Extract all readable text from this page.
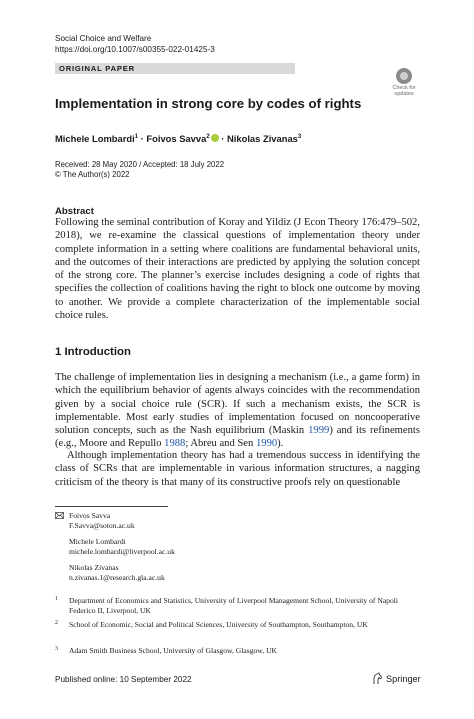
Social Choice and Welfare
https://doi.org/10.1007/s00355-022-01425-3
ORIGINAL PAPER
Check for
updates
Implementation in strong core by codes of rights
Michele Lombardi$^1$ · Foivos Savva$^2$ · Nikolas Zivanas$^3$
Received: 28 May 2020 / Accepted: 18 July 2022
© The Author(s) 2022
Abstract
Following the seminal contribution of Koray and Yildiz (J Econ Theory 176:479–502, 2018), we re-examine the classical questions of implementation theory under complete information in a setting where coalitions are fundamental behavioral units, and the outcomes of their interactions are predicted by applying the solution concept of the strong core. The planner’s exercise includes designing a code of rights that specifies the collection of coalitions having the right to block one outcome by moving to another. We provide a complete characterization of the implementable social choice rules.
1 Introduction
The challenge of implementation lies in designing a mechanism (i.e., a game form) in which the equilibrium behavior of agents always coincides with the recommendation given by a social choice rule (SCR). If such a mechanism exists, the SCR is implementable. Most early studies of implementation focused on noncooperative solution concepts, such as the Nash equilibrium (Maskin 1999) and its refinements (e.g., Moore and Repullo 1988; Abreu and Sen 1990).
Although implementation theory has had a tremendous success in identifying the class of SCRs that are implementable in various information structures, a nagging criticism of the theory is that many of its constructive proofs rely on questionable
Foivos Savva
F.Savva@soton.ac.uk
Michele Lombardi
michele.lombardi@liverpool.ac.uk
Nikolas Zivanas
n.zivanas.1@research.gla.ac.uk
1 Department of Economics and Statistics, University of Liverpool Management School, University of Napoli Federico II, Liverpool, UK
2 School of Economic, Social and Political Sciences, University of Southampton, Southampton, UK
3 Adam Smith Business School, University of Glasgow, Glasgow, UK
Published online: 10 September 2022	Springer
